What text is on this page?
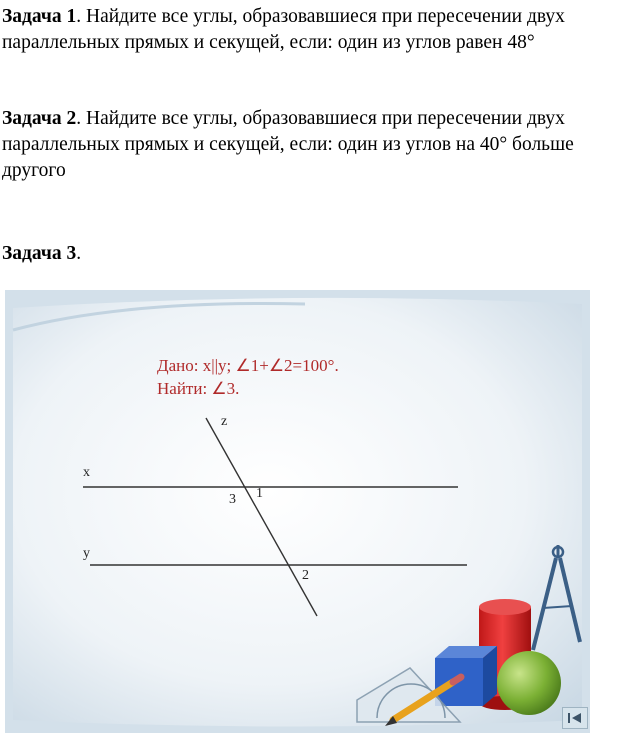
Задача 1. Найдите все углы, образовавшиеся при пересечении двух параллельных прямых и секущей, если: один из углов равен 48°

Задача 2. Найдите все углы, образовавшиеся при пересечении двух параллельных прямых и секущей, если: один из углов на 40° больше другого

Задача 3.

Дано: x||y; ∠1+∠2=100°.
Найти: ∠3.
z
x
y
1
3
2
